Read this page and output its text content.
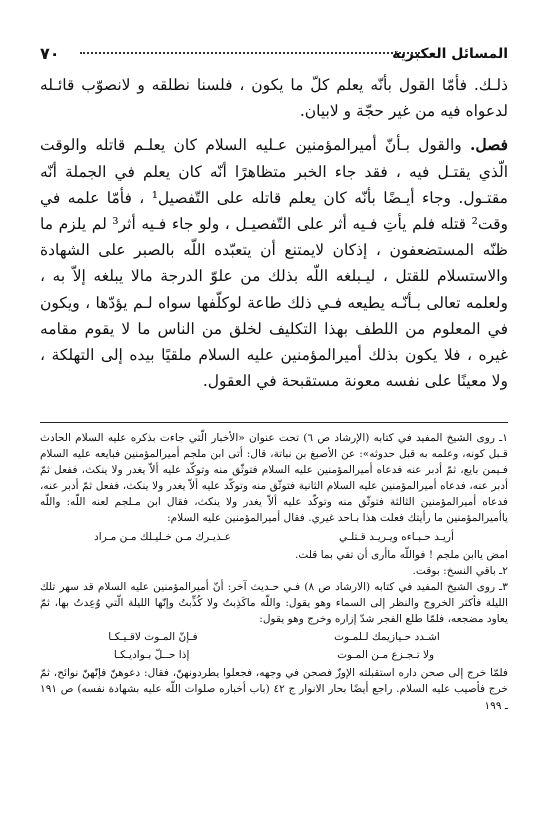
المسائل العكبرية
٧٠

ذلـك. فأمّا القول بأنّه يعلم كلّ ما يكون ، فلسنا نطلقه و لانصوّب قائـله لدعواه فيه من غير حجّة و لابيان.

فصل. والقول بـأنّ أميرالمؤمنين عـليه السلام كان يعلـم قاتله والوقت الّذي يقتـل فيه ، فقد جاء الخبر متظاهرًا أنّه كان يعلم في الجملة أنّه مقتـول. وجاء أيـضًا بأنّه كان يعلم قاتله على التّفصيل¹ ، فأمّا علمه في وقت² قتله فلم يأتِ فـيه أثر على التّفصيـل ، ولو جاء فـيه أثر³ لم يلزم ما ظنّه المستضعفون ، إذكان لايمتنع أن يتعبّده اللّه بالصبر على الشهادة والاستسلام للقتل ، ليـبلغه اللّه بذلك من علوّ الدرجة مالا يبلغه إلاّ به ، ولعلمه تعالى بـأنّـه يطيعه فـي ذلك طاعة لوكلّفها سواه لـم يؤدّها ، ويكون في المعلوم من اللطف بهذا التكليف لخلق من الناس ما لا يقوم مقامه غيره ، فلا يكون بذلك أميرالمؤمنين عليه السلام ملقيًا بيده إلى التهلكة ، ولا معينًا على نفسه معونة مستقبحة في العقول.

١ـ روى الشيخ المفيد في كتابه (الإرشاد ص ٦) تحت عنوان «الأخبار الّتي جاءت بذكره عليه السلام الحادث قـبل كونه، وعلمه به قبل حدوثه»: عن الأصبغ بن نباتة، قال: أتى ابن ملجم أميرالمؤمنين فبايعه عليه السلام فـيمن بايع، ثمّ أدبر عنه فدعاه أميرالمؤمنين عليه السلام فتوثّق منه وتوكّد عليه ألاّ يغدر ولا ينكث، ففعل ثمّ أدبر عنه، فدعاه أميرالمؤمنين عليه السلام الثانية فتوثّق منه وتوكّد عليه ألاّ يغدر ولا ينكث، ففعل ثمّ أدبر عنه، فدعاه أميرالمؤمنين الثالثة فتوثّق منه وتوكّد عليه ألاّ يغدر ولا ينكث، فقال ابن مـلجم لعنه اللّه: واللّه ياأميرالمؤمنين ما رأيتك فعلت هذا بـاحد غيري. فقال أميرالمؤمنين عليه السلام:

أريـد حـبـاءه ويـريـد قـتلـي
عـذيـرك مـن خـليـلك مـن مـراد

امض ياابن ملجم ! فواللّه ماأرى أن تفي بما قلت.

٢ـ باقي النسخ: بوقت.

٣ـ روى الشيخ المفيد في كتابه (الارشاد ص ٨) فـي حـديث آخر: أنّ أميرالمؤمنين عليه السلام قد سهر تلك الليلة فأكثر الخروج والنظر إلى السماء وهو يقول: واللّه ماكَذِبتُ ولا كُذِّبتُ وإنّها الليلة الّتي وُعِدتُ بها، ثمّ يعاود مضجعه، فلمّا طلع الفجر شدّ إزاره وخرج وهو يقول:

اشـدد حـيازيمك لـلمـوت
فـإنّ المـوت لاقـيـكـا
ولا تـجـزع مـن المـوت
إذا حــلّ بـواديـكـا

فلمّا خرج إلى صحن داره استقبلته الإوزّ فصحن في وجهه، فجعلوا يطردونهنّ، فقال: دعوهنّ فإنّهنّ نوائح، ثمّ خرج فأصيب عليه السلام. راجع أيضًا بحار الانوار ج ٤٢ (باب أخباره صلوات اللّه عليه بشهادة نفسه) ص ١٩١ ـ ١٩٩
